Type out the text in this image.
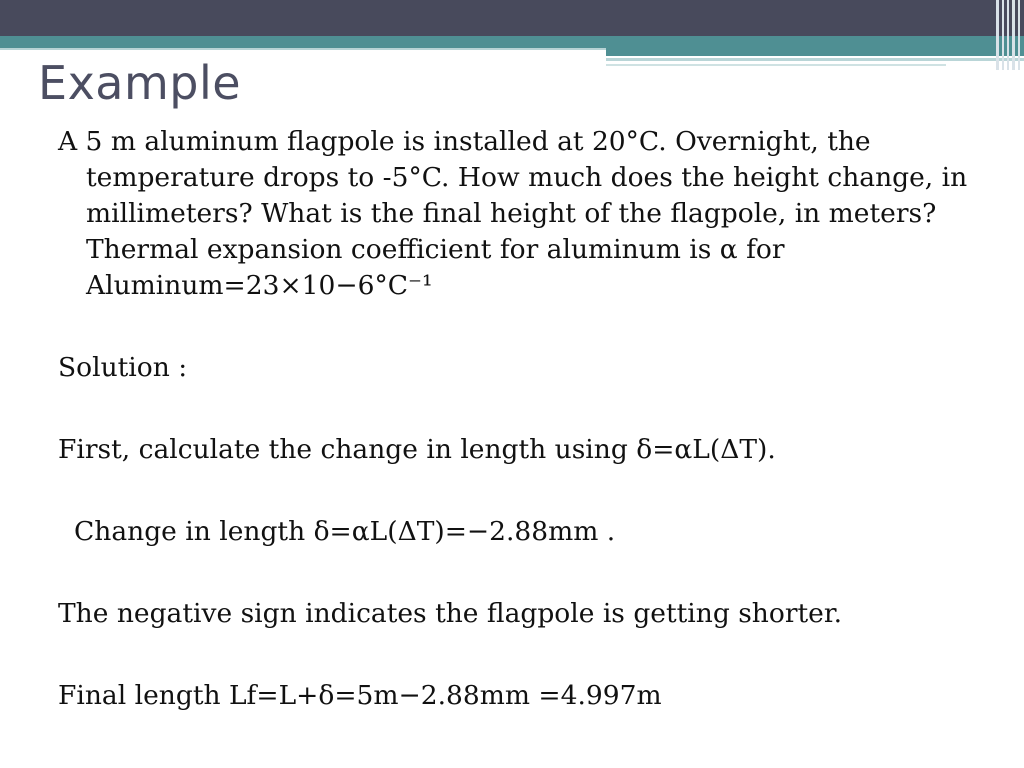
Example

A 5 m aluminum flagpole is installed at 20°C. Overnight, the temperature drops to -5°C. How much does the height change, in millimeters? What is the final height of the flagpole, in meters? Thermal expansion coefficient for aluminum is α for Aluminum=23×10−6°C⁻¹

Solution :

First, calculate the change in length using δ=αL(ΔT).

Change in length δ=αL(ΔT)=−2.88mm .

The negative sign indicates the flagpole is getting shorter.

Final length Lf=L+δ=5m−2.88mm =4.997m
